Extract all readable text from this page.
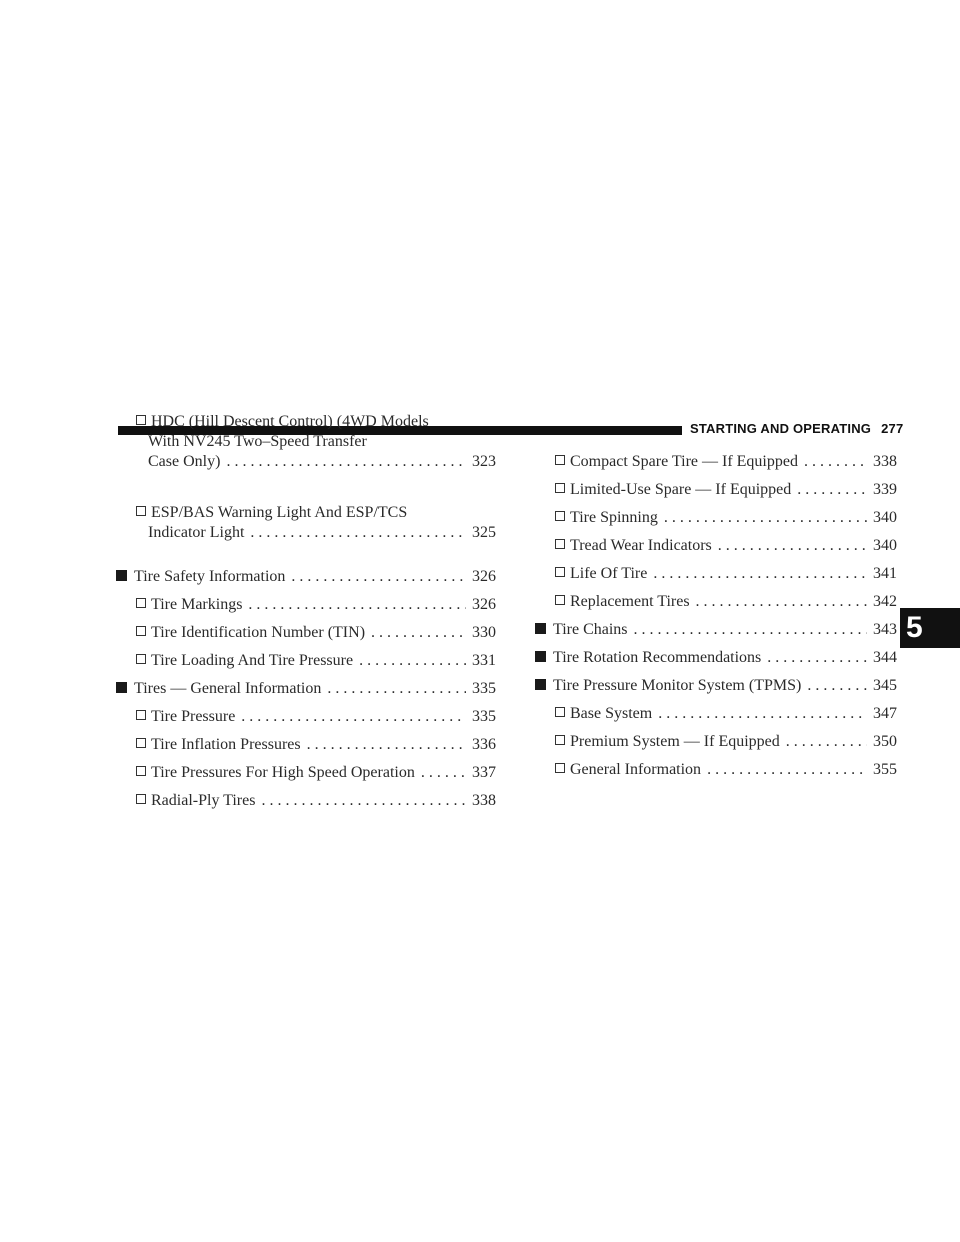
STARTING AND OPERATING 277
HDC (Hill Descent Control) (4WD Models
With NV245 Two–Speed Transfer
Case Only) . . .	323
ESP/BAS Warning Light And ESP/TCS
Indicator Light . . .	325
Tire Safety Information . . .	326
Tire Markings . . .	326
Tire Identification Number (TIN) . . .	330
Tire Loading And Tire Pressure . . .	331
Tires — General Information . . .	335
Tire Pressure . . .	335
Tire Inflation Pressures . . .	336
Tire Pressures For High Speed Operation . . .	337
Radial-Ply Tires . . .	338
Compact Spare Tire — If Equipped . . .	338
Limited-Use Spare — If Equipped . . .	339
Tire Spinning . . .	340
Tread Wear Indicators . . .	340
Life Of Tire . . .	341
Replacement Tires . . .	342
Tire Chains . . .	343
Tire Rotation Recommendations . . .	344
Tire Pressure Monitor System (TPMS) . . .	345
Base System . . .	347
Premium System — If Equipped . . .	350
General Information . . .	355
5
